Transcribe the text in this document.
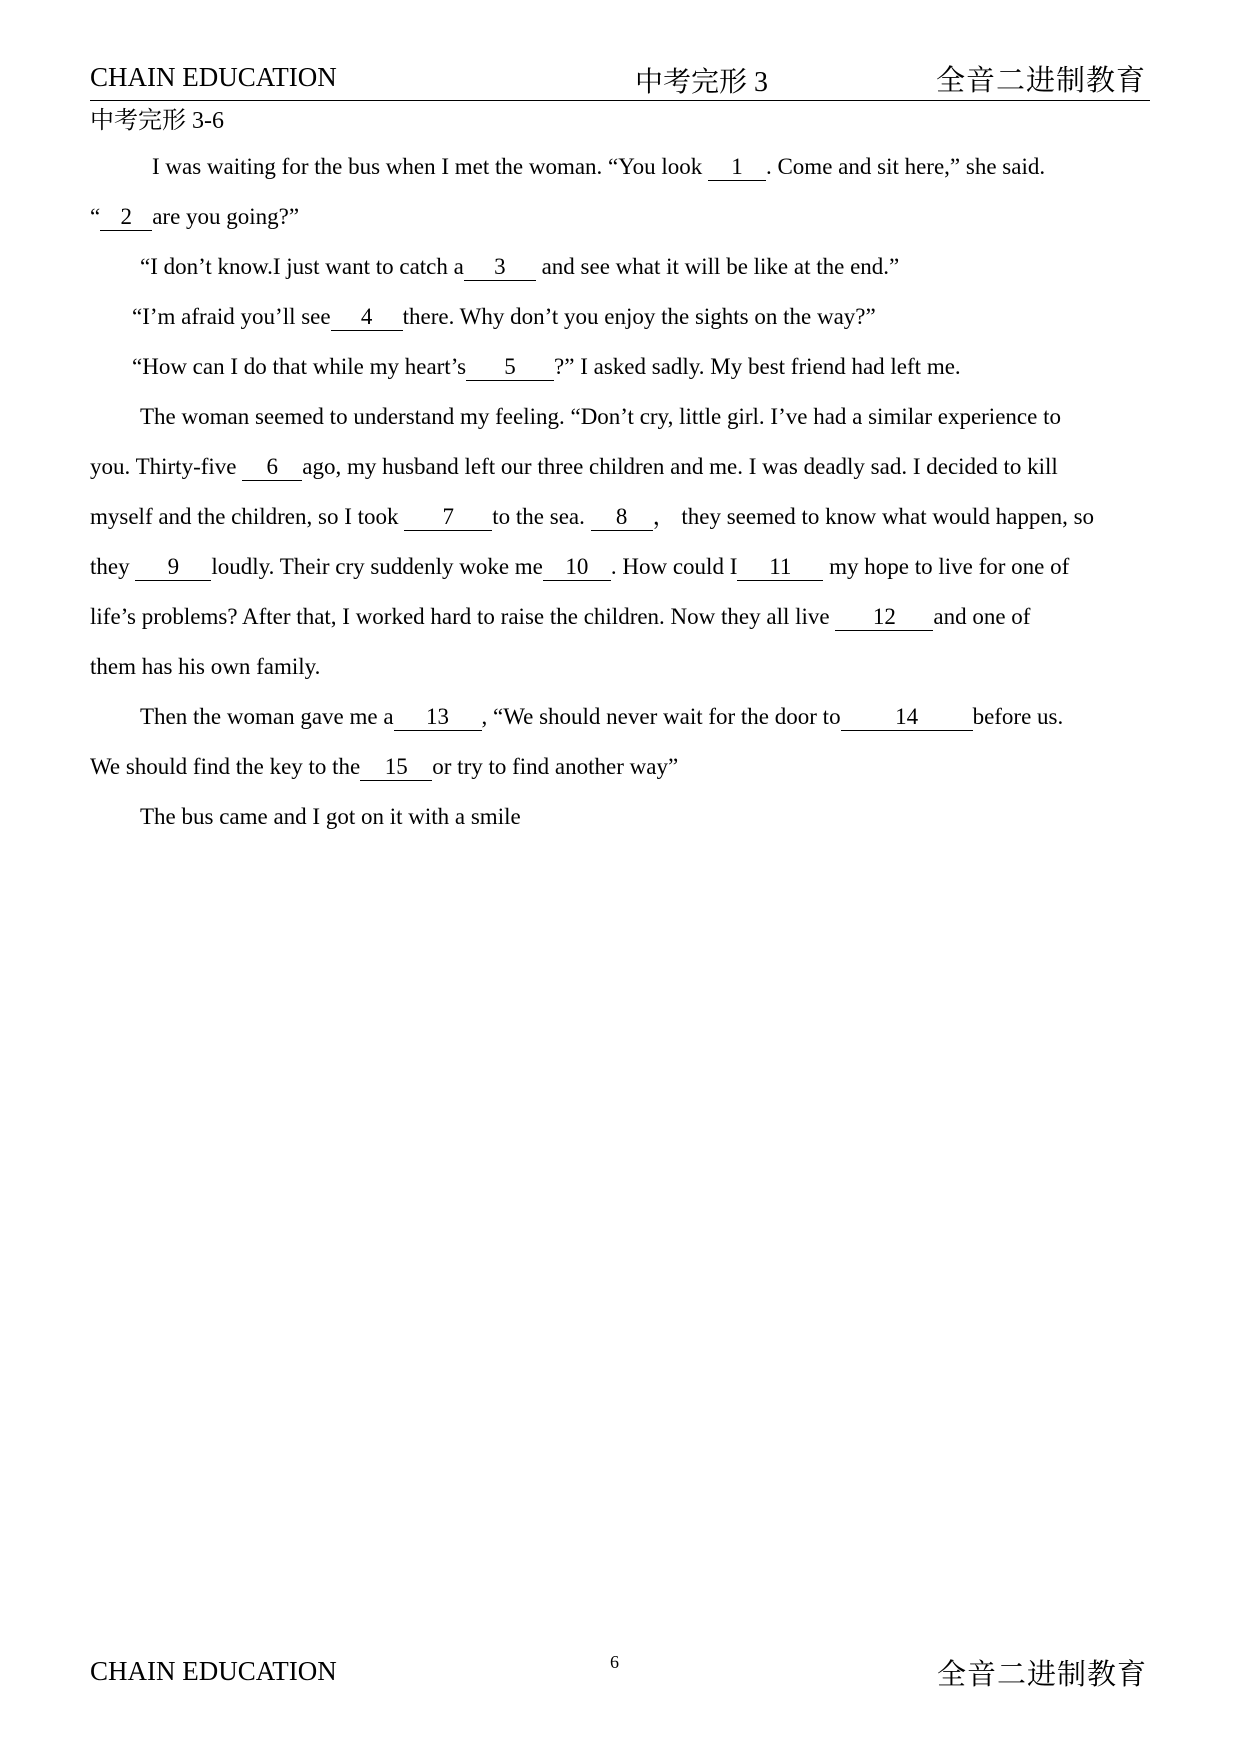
CHAIN EDUCATION	中考完形 3	全音二进制教育
中考完形 3-6
I was waiting for the bus when I met the woman. “You look 1 . Come and sit here,” she said.
“ 2 are you going?”
“I don’t know.I just want to catch a 3 and see what it will be like at the end.”
“I’m afraid you’ll see 4 there. Why don’t you enjoy the sights on the way?”
“How can I do that while my heart’s 5 ?” I asked sadly. My best friend had left me.
The woman seemed to understand my feeling. “Don’t cry, little girl. I’ve had a similar experience to
you. Thirty-five 6 ago, my husband left our three children and me. I was deadly sad. I decided to kill
myself and the children, so I took 7 to the sea. 8 ， they seemed to know what would happen, so
they 9 loudly. Their cry suddenly woke me 10 . How could I 11 my hope to live for one of
life’s problems? After that, I worked hard to raise the children. Now they all live 12 and one of
them has his own family.
Then the woman gave me a 13 , “We should never wait for the door to 14 before us.
We should find the key to the 15 or try to find another way”
The bus came and I got on it with a smile
CHAIN EDUCATION	6	全音二进制教育
